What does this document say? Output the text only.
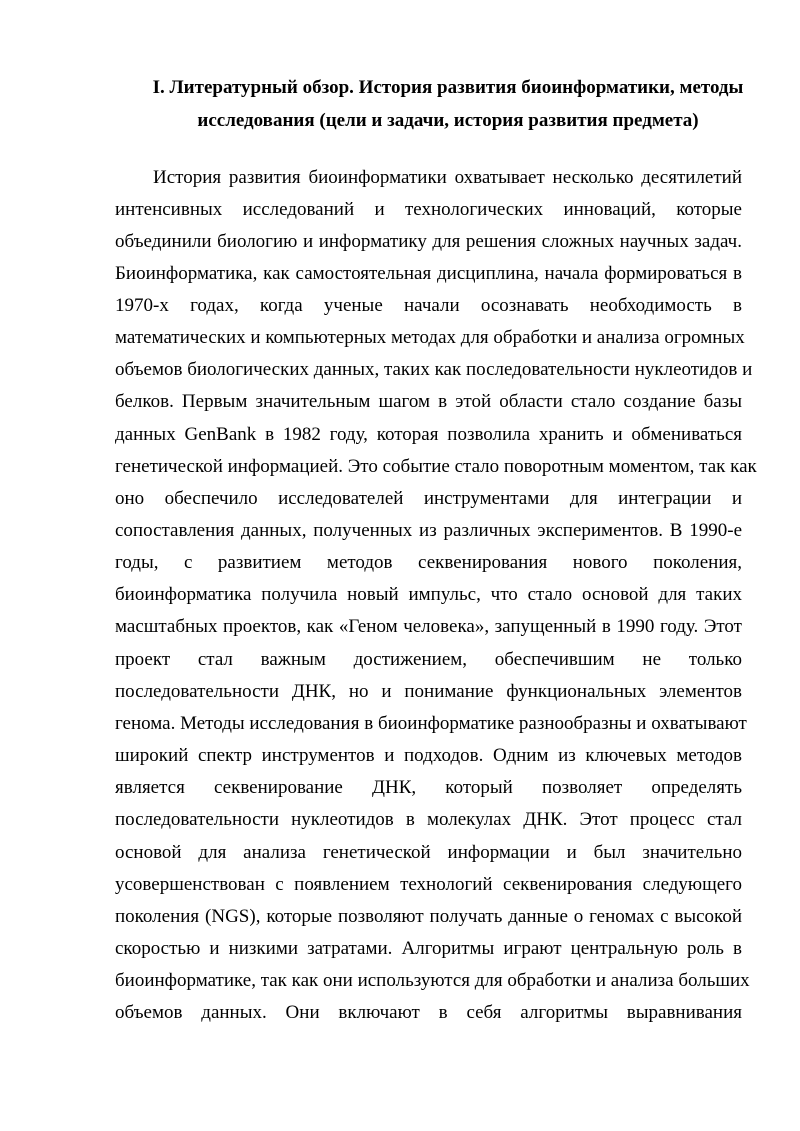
I. Литературный обзор. История развития биоинформатики, методы
исследования (цели и задачи, история развития предмета)
История развития биоинформатики охватывает несколько десятилетий
интенсивных исследований и технологических инноваций, которые
объединили биологию и информатику для решения сложных научных задач.
Биоинформатика, как самостоятельная дисциплина, начала формироваться в
1970-х годах, когда ученые начали осознавать необходимость в
математических и компьютерных методах для обработки и анализа огромных
объемов биологических данных, таких как последовательности нуклеотидов и
белков. Первым значительным шагом в этой области стало создание базы
данных GenBank в 1982 году, которая позволила хранить и обмениваться
генетической информацией. Это событие стало поворотным моментом, так как
оно обеспечило исследователей инструментами для интеграции и
сопоставления данных, полученных из различных экспериментов. В 1990-е
годы, с развитием методов секвенирования нового поколения,
биоинформатика получила новый импульс, что стало основой для таких
масштабных проектов, как «Геном человека», запущенный в 1990 году. Этот
проект стал важным достижением, обеспечившим не только
последовательности ДНК, но и понимание функциональных элементов
генома. Методы исследования в биоинформатике разнообразны и охватывают
широкий спектр инструментов и подходов. Одним из ключевых методов
является секвенирование ДНК, который позволяет определять
последовательности нуклеотидов в молекулах ДНК. Этот процесс стал
основой для анализа генетической информации и был значительно
усовершенствован с появлением технологий секвенирования следующего
поколения (NGS), которые позволяют получать данные о геномах с высокой
скоростью и низкими затратами. Алгоритмы играют центральную роль в
биоинформатике, так как они используются для обработки и анализа больших
объемов данных. Они включают в себя алгоритмы выравнивания
